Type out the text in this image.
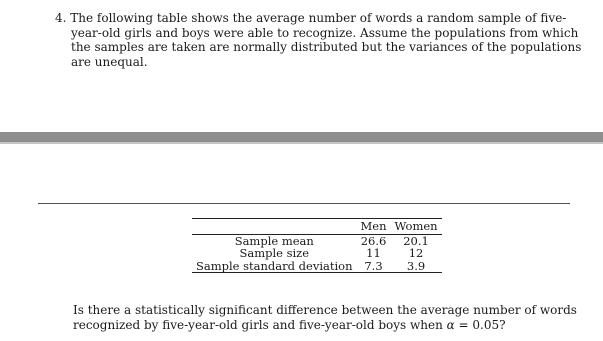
4. The following table shows the average number of words a random sample of five-year-old girls and boys were able to recognize. Assume the populations from which the samples are taken are normally distributed but the variances of the populations are unequal.
	Men	Women
Sample mean	26.6	20.1
Sample size	11	12
Sample standard deviation	7.3	3.9
Is there a statistically significant difference between the average number of words recognized by five-year-old girls and five-year-old boys when α = 0.05?
